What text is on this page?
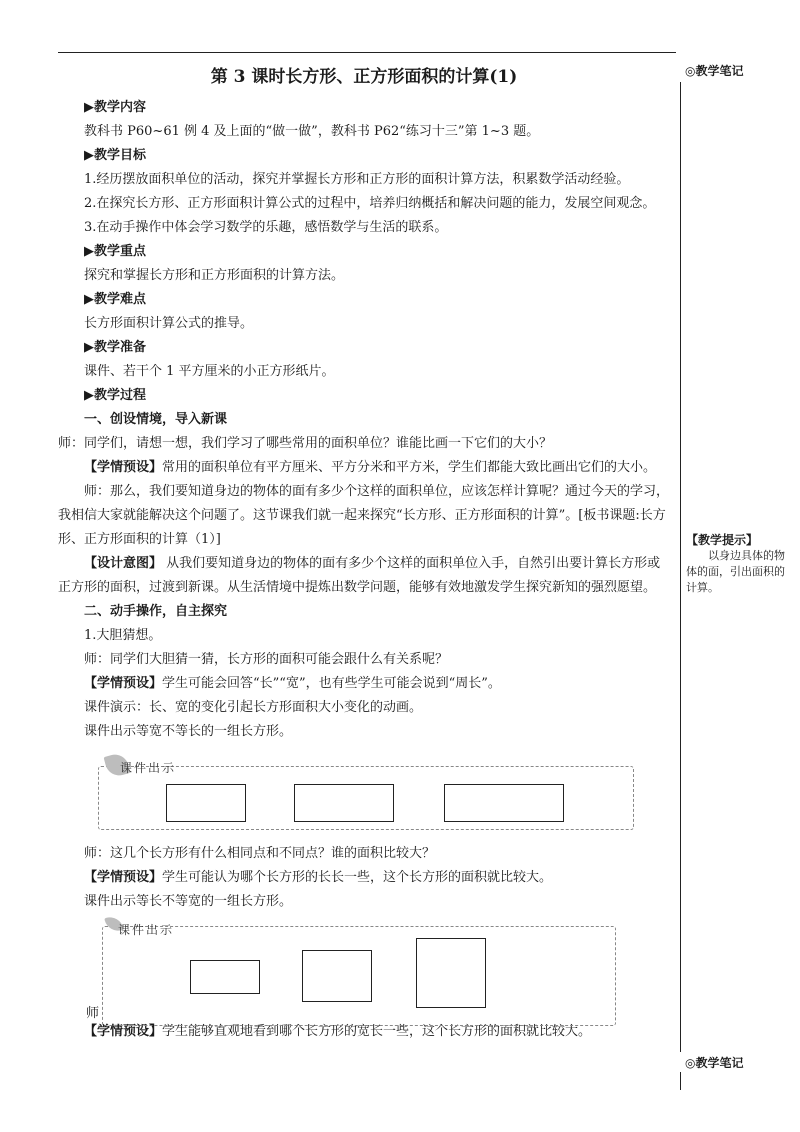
◎教学笔记
◎教学笔记
【教学提示】
以身边具体的物体的面，引出面积的计算。
第 3 课时长方形、正方形面积的计算(1)

▶教学内容

教科书 P60~61 例 4 及上面的“做一做”，教科书 P62“练习十三”第 1~3 题。

▶教学目标

1.经历摆放面积单位的活动，探究并掌握长方形和正方形的面积计算方法，积累数学活动经验。

2.在探究长方形、正方形面积计算公式的过程中，培养归纳概括和解决问题的能力，发展空间观念。

3.在动手操作中体会学习数学的乐趣，感悟数学与生活的联系。

▶教学重点

探究和掌握长方形和正方形面积的计算方法。

▶教学难点

长方形面积计算公式的推导。

▶教学准备

课件、若干个 1 平方厘米的小正方形纸片。

▶教学过程

一、创设情境，导入新课

师：同学们，请想一想，我们学习了哪些常用的面积单位？谁能比画一下它们的大小？

【学情预设】常用的面积单位有平方厘米、平方分米和平方米，学生们都能大致比画出它们的大小。

师：那么，我们要知道身边的物体的面有多少个这样的面积单位，应该怎样计算呢？通过今天的学习，我相信大家就能解决这个问题了。这节课我们就一起来探究“长方形、正方形面积的计算”。[板书课题:长方形、正方形面积的计算（1）]

【设计意图】 从我们要知道身边的物体的面有多少个这样的面积单位入手，自然引出要计算长方形或正方形的面积，过渡到新课。从生活情境中提炼出数学问题，能够有效地激发学生探究新知的强烈愿望。

二、动手操作，自主探究

1.大胆猜想。

师：同学们大胆猜一猜，长方形的面积可能会跟什么有关系呢？

【学情预设】学生可能会回答“长”“宽”，也有些学生可能会说到“周长”。

课件演示：长、宽的变化引起长方形面积大小变化的动画。

课件出示等宽不等长的一组长方形。

课件出示

师：这几个长方形有什么相同点和不同点？谁的面积比较大？

【学情预设】学生可能认为哪个长方形的长长一些，这个长方形的面积就比较大。

课件出示等长不等宽的一组长方形。

课件出示
师

【学情预设】学生能够直观地看到哪个长方形的宽长一些，这个长方形的面积就比较大。
